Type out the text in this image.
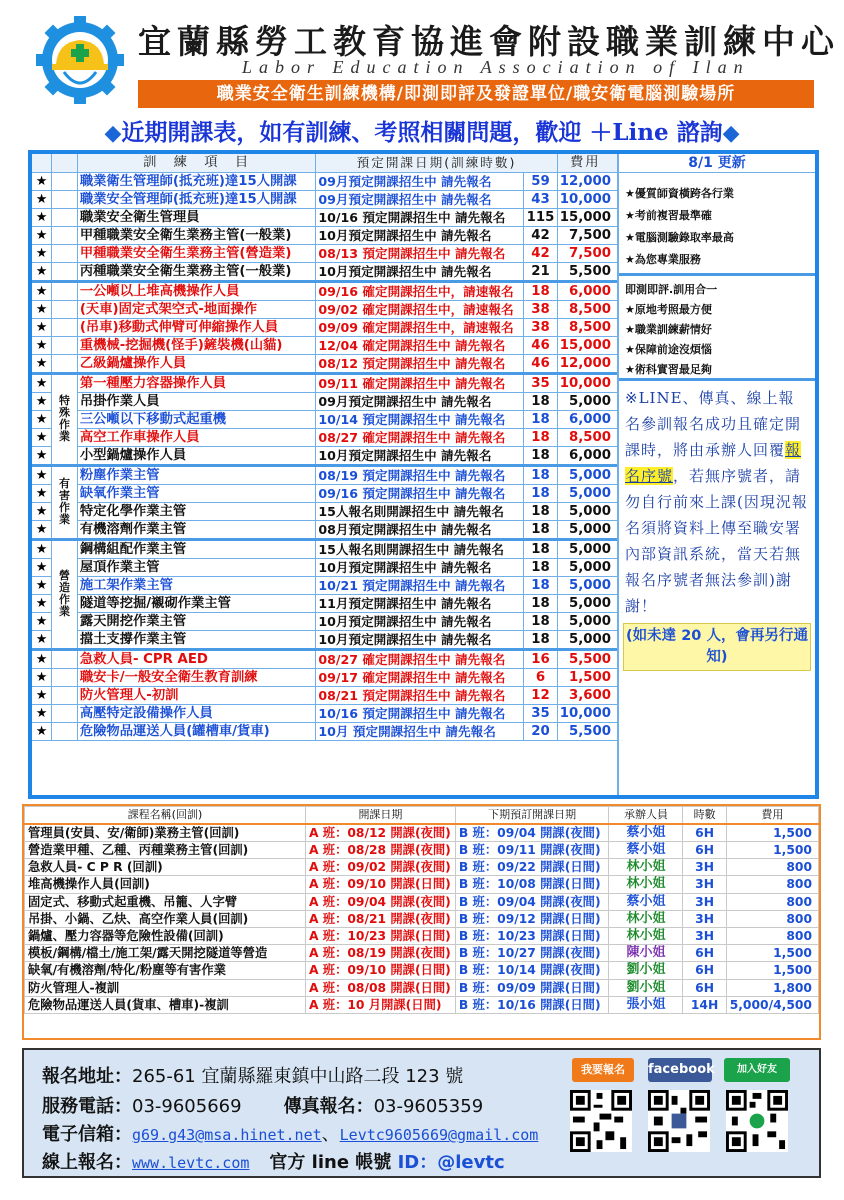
宜蘭縣勞工教育協進會附設職業訓練中心
Labor Education Association of Ilan
職業安全衛生訓練機構/即測即評及發證單位/職安衛電腦測驗場所
◆近期開課表，如有訓練、考照相關問題，歡迎 ＋Line 諮詢◆
		訓　練　項　目	預定開課日期(訓練時數)		費用
★		職業衛生管理師(抵充班)達15人開課	09月預定開課招生中 請先報名	59	12,000
★		職業安全管理師(抵充班)達15人開課	09月預定開課招生中 請先報名	43	10,000
★		職業安全衛生管理員	10/16 預定開課招生中 請先報名	115	15,000
★		甲種職業安全衛生業務主管(一般業)	10月預定開課招生中 請先報名	42	7,500
★		甲種職業安全衛生業務主管(營造業)	08/13 預定開課招生中 請先報名	42	7,500
★		丙種職業安全衛生業務主管(一般業)	10月預定開課招生中 請先報名	21	5,500
★		一公噸以上堆高機操作人員	09/16 確定開課招生中，請速報名	18	6,000
★		(天車)固定式架空式-地面操作	09/02 確定開課招生中，請速報名	38	8,500
★		(吊車)移動式伸臂可伸縮操作人員	09/09 確定開課招生中，請速報名	38	8,500
★		重機械-挖掘機(怪手)鏟裝機(山貓)	12/04 確定開課招生中 請先報名	46	15,000
★		乙級鍋爐操作人員	08/12 預定開課招生中 請先報名	46	12,000
★	特殊作業	第一種壓力容器操作人員	09/11 確定開課招生中 請先報名	35	10,000
★		吊掛作業人員	09月預定開課招生中 請先報名	18	5,000
★		三公噸以下移動式起重機	10/14 預定開課招生中 請先報名	18	6,000
★		高空工作車操作人員	08/27 確定開課招生中 請先報名	18	8,500
★		小型鍋爐操作人員	10月預定開課招生中 請先報名	18	6,000
★	有害作業	粉塵作業主管	08/19 預定開課招生中 請先報名	18	5,000
★		缺氧作業主管	09/16 預定開課招生中 請先報名	18	5,000
★		特定化學作業主管	15人報名則開課招生中 請先報名	18	5,000
★		有機溶劑作業主管	08月預定開課招生中 請先報名	18	5,000
★	營造作業	鋼構組配作業主管	15人報名則開課招生中 請先報名	18	5,000
★		屋頂作業主管	10月預定開課招生中 請先報名	18	5,000
★		施工架作業主管	10/21 預定開課招生中 請先報名	18	5,000
★		隧道等挖掘/襯砌作業主管	11月預定開課招生中 請先報名	18	5,000
★		露天開挖作業主管	10月預定開課招生中 請先報名	18	5,000
★		擋土支撐作業主管	10月預定開課招生中 請先報名	18	5,000
★		急救人員- CPR AED	08/27 確定開課招生中 請先報名	16	5,500
★		職安卡/一般安全衛生教育訓練	09/17 確定開課招生中 請先報名	6	1,500
★		防火管理人-初訓	08/21 預定開課招生中 請先報名	12	3,600
★		高壓特定設備操作人員	10/16 預定開課招生中 請先報名	35	10,000
★		危險物品運送人員(罐槽車/貨車)	10月 預定開課招生中 請先報名	20	5,500
8/1 更新
★優質師資橫跨各行業
★考前複習最準確
★電腦測驗錄取率最高
★為您專業服務
即測即評.訓用合一
★原地考照最方便
★職業訓練薪情好
★保障前途沒煩惱
★術科實習最足夠
※LINE、傳真、線上報名參訓報名成功且確定開課時，將由承辦人回覆報名序號，若無序號者，請勿自行前來上課(因現況報名須將資料上傳至職安署內部資訊系統，當天若無報名序號者無法參訓)謝謝！
(如未達 20 人，會再另行通知)
課程名稱(回訓)	開課日期	下期預訂開課日期	承辦人員	時數	費用
管理員(安員、安/衛師)業務主管(回訓)	A 班：08/12 開課(夜間)	B 班：09/04 開課(夜間)	蔡小姐	6H	1,500
營造業甲種、乙種、丙種業務主管(回訓)	A 班：08/28 開課(夜間)	B 班：09/11 開課(夜間)	蔡小姐	6H	1,500
急救人員- C P R (回訓)	A 班：09/02 開課(夜間)	B 班：09/22 開課(日間)	林小姐	3H	800
堆高機操作人員(回訓)	A 班：09/10 開課(日間)	B 班：10/08 開課(日間)	林小姐	3H	800
固定式、移動式起重機、吊籠、人字臂	A 班：09/04 開課(夜間)	B 班：09/04 開課(夜間)	蔡小姐	3H	800
吊掛、小鍋、乙炔、高空作業人員(回訓)	A 班：08/21 開課(夜間)	B 班：09/12 開課(日間)	林小姐	3H	800
鍋爐、壓力容器等危險性設備(回訓)	A 班：10/23 開課(日間)	B 班：10/23 開課(日間)	林小姐	3H	800
模板/鋼構/檔土/施工架/露天開挖隧道等營造	A 班：08/19 開課(夜間)	B 班：10/27 開課(夜間)	陳小姐	6H	1,500
缺氧/有機溶劑/特化/粉塵等有害作業	A 班：09/10 開課(日間)	B 班：10/14 開課(夜間)	劉小姐	6H	1,500
防火管理人-複訓	A 班：08/08 開課(日間)	B 班：09/09 開課(日間)	劉小姐	6H	1,800
危險物品運送人員(貨車、槽車)-複訓	A 班：10 月開課(日間)	B 班：10/16 開課(日間)	張小姐	14H	5,000/4,500
報名地址：265-61 宜蘭縣羅東鎮中山路二段 123 號
服務電話：03-9605669 傳真報名：03-9605359
電子信箱：g69.g43@msa.hinet.net、Levtc9605669@gmail.com
線上報名：www.levtc.com 官方 line 帳號 ID：@levtc
我要報名	facebook	加入好友
